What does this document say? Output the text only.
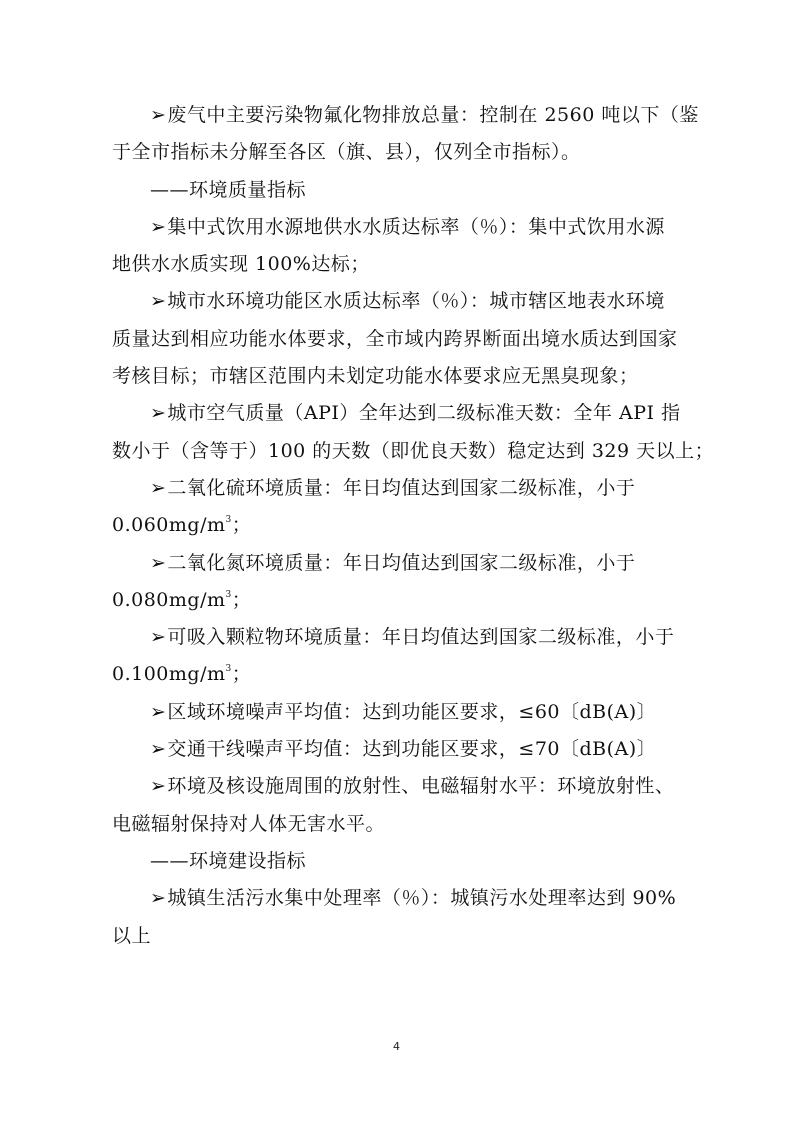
➢废气中主要污染物氟化物排放总量：控制在 2560 吨以下（鉴
于全市指标未分解至各区（旗、县），仅列全市指标）。
——环境质量指标
➢集中式饮用水源地供水水质达标率（％）：集中式饮用水源
地供水水质实现 100%达标；
➢城市水环境功能区水质达标率（％）：城市辖区地表水环境
质量达到相应功能水体要求，全市域内跨界断面出境水质达到国家
考核目标；市辖区范围内未划定功能水体要求应无黑臭现象；
➢城市空气质量（API）全年达到二级标准天数：全年 API 指
数小于（含等于）100 的天数（即优良天数）稳定达到 329 天以上；
➢二氧化硫环境质量：年日均值达到国家二级标准，小于
$0.060mg/m^3$；
➢二氧化氮环境质量：年日均值达到国家二级标准，小于
$0.080mg/m^3$；
➢可吸入颗粒物环境质量：年日均值达到国家二级标准，小于
$0.100mg/m^3$；
➢区域环境噪声平均值：达到功能区要求，≤60〔dB(A)〕
➢交通干线噪声平均值：达到功能区要求，≤70〔dB(A)〕
➢环境及核设施周围的放射性、电磁辐射水平：环境放射性、
电磁辐射保持对人体无害水平。
——环境建设指标
➢城镇生活污水集中处理率（％）：城镇污水处理率达到 90%
以上
4
